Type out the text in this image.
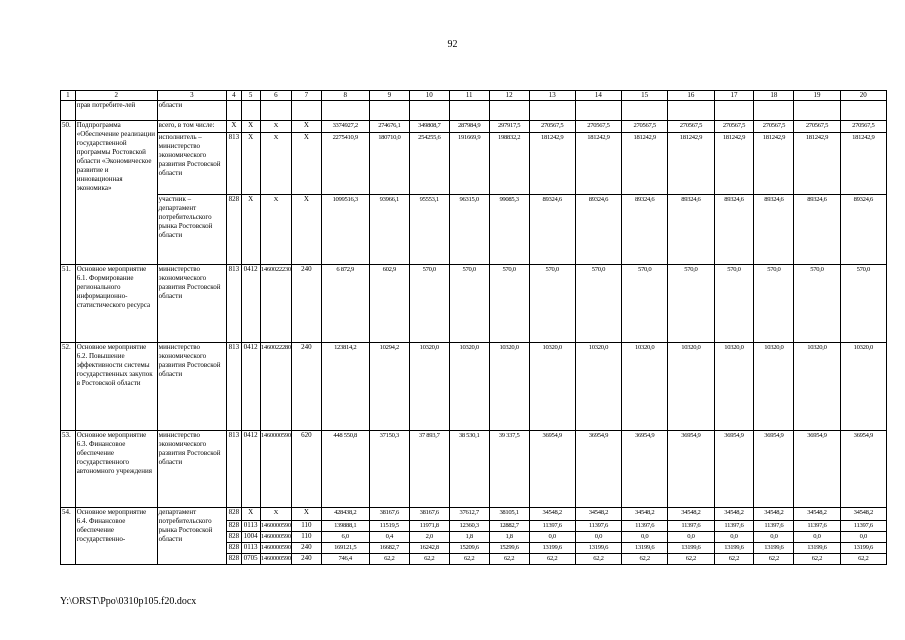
92
1	2	3	4	5	6	7	8	9	10	11	12	13	14	15	16	17	18	19	20
	прав потребите-лей	области																	
50.	Подпрограмма «Обеспечение реализации государственной программы Ростовской области «Экономическое развитие и инновационная экономика»	всего, в том числе:	X	X	X	X	3374927,2	274676,1	349808,7	287984,9	297917,5	270567,5	270567,5	270567,5	270567,5	270567,5	270567,5	270567,5	270567,5
		исполнитель – министерство экономического развития Ростовской области	813	X	X	X	2275410,9	180710,0	254255,6	191669,9	198832,2	181242,9	181242,9	181242,9	181242,9	181242,9	181242,9	181242,9	181242,9
		участник – департамент потребительского рынка Ростовской области	828	X	X	X	1099516,3	93966,1	95553,1	96315,0	99085,3	89324,6	89324,6	89324,6	89324,6	89324,6	89324,6	89324,6	89324,6
51.	Основное мероприятие 6.1. Формирование регионального информационно-статистического ресурса	министерство экономического развития Ростовской области	813	0412	1460022230	240	6 872,9	602,9	570,0	570,0	570,0	570,0	570,0	570,0	570,0	570,0	570,0	570,0	570,0
52.	Основное мероприятие 6.2. Повышение эффективности системы государственных закупок в Ростовской области	министерство экономического развития Ростовской области	813	0412	1460022280	240	123814,2	10294,2	10320,0	10320,0	10320,0	10320,0	10320,0	10320,0	10320,0	10320,0	10320,0	10320,0	10320,0
53.	Основное мероприятие 6.3. Финансовое обеспечение государственного автономного учреждения	министерство экономического развития Ростовской области	813	0412	1460000590	620	448 550,8	37150,3	37 893,7	38 530,1	39 337,5	36954,9	36954,9	36954,9	36954,9	36954,9	36954,9	36954,9	36954,9
54.	Основное мероприятие 6.4. Финансовое обеспечение государственно-	департамент потребительского рынка Ростовской области	828	X	X	X	428438,2	38167,6	38167,6	37612,7	38105,1	34548,2	34548,2	34548,2	34548,2	34548,2	34548,2	34548,2	34548,2
			828	0113	1460000590	110	139888,1	11519,5	11971,8	12360,3	12882,7	11397,6	11397,6	11397,6	11397,6	11397,6	11397,6	11397,6	11397,6
			828	1004	1460000590	110	6,0	0,4	2,0	1,8	1,8	0,0	0,0	0,0	0,0	0,0	0,0	0,0	0,0
			828	0113	1460000590	240	169121,5	16682,7	16242,8	15209,6	15299,6	13199,6	13199,6	13199,6	13199,6	13199,6	13199,6	13199,6	13199,6
			828	0705	1460000590	240	746,4	62,2	62,2	62,2	62,2	62,2	62,2	62,2	62,2	62,2	62,2	62,2	62,2
Y:\ORST\Ppo\0310p105.f20.docx
